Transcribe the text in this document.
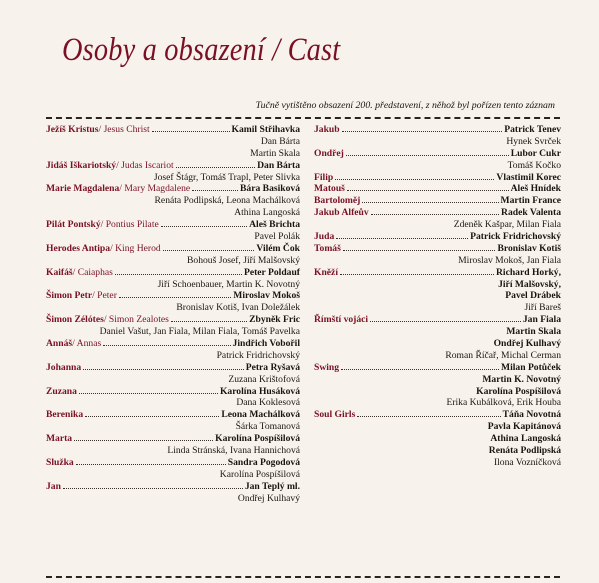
Osoby a obsazení / Cast
Tučně vytištěno obsazení 200. představení, z něhož byl pořízen tento záznam
Ježíš Kristus / Jesus Christ	Kamil Střihavka
Dan Bárta
Martin Skala
Jidáš Iškariotský / Judas Iscariot	Dan Bárta
Josef Štágr, Tomáš Trapl, Peter Slivka
Marie Magdalena / Mary Magdalene	Bára Basiková
Renáta Podlipská, Leona Machálková
Athina Langoská
Pilát Pontský / Pontius Pilate	Aleš Brichta
Pavel Polák
Herodes Antipa / King Herod	Vilém Čok
Bohouš Josef, Jiří Malšovský
Kaifáš / Caiaphas	Peter Poldauf
Jiří Schoenbauer, Martin K. Novotný
Šimon Petr / Peter	Miroslav Mokoš
Bronislav Kotiš, Ivan Doležálek
Šimon Zélótes / Simon Zealotes	Zbyněk Fric
Daniel Vašut, Jan Fiala, Milan Fiala, Tomáš Pavelka
Annáš / Annas	Jindřich Vobořil
Patrick Fridrichovský
Johanna	Petra Ryšavá
Zuzana Krištofová
Zuzana	Karolína Husáková
Dana Koklesová
Berenika	Leona Machálková
Šárka Tomanová
Marta	Karolína Pospíšilová
Linda Stránská, Ivana Hannichová
Služka	Sandra Pogodová
Karolína Pospíšilová
Jan	Jan Teplý ml.
Ondřej Kulhavý
Jakub	Patrick Tenev
Hynek Svrček
Ondřej	Lubor Cukr
Tomáš Kočko
Filip	Vlastimil Korec
Matouš	Aleš Hnídek
Bartoloměj	Martin France
Jakub Alfeův	Radek Valenta
Zdeněk Kašpar, Milan Fiala
Juda	Patrick Fridrichovský
Tomáš	Bronislav Kotiš
Miroslav Mokoš, Jan Fiala
Kněží	Richard Horký,
Jiří Malšovský,
Pavel Drábek
Jiří Bareš
Římští vojáci	Jan Fiala
Martin Skala
Ondřej Kulhavý
Roman Říčař, Michal Cerman
Swing	Milan Potůček
Martin K. Novotný
Karolína Pospíšilová
Erika Kubálková, Erik Houba
Soul Girls	Táňa Novotná
Pavla Kapitánová
Athina Langoská
Renáta Podlipská
Ilona Vozníčková
